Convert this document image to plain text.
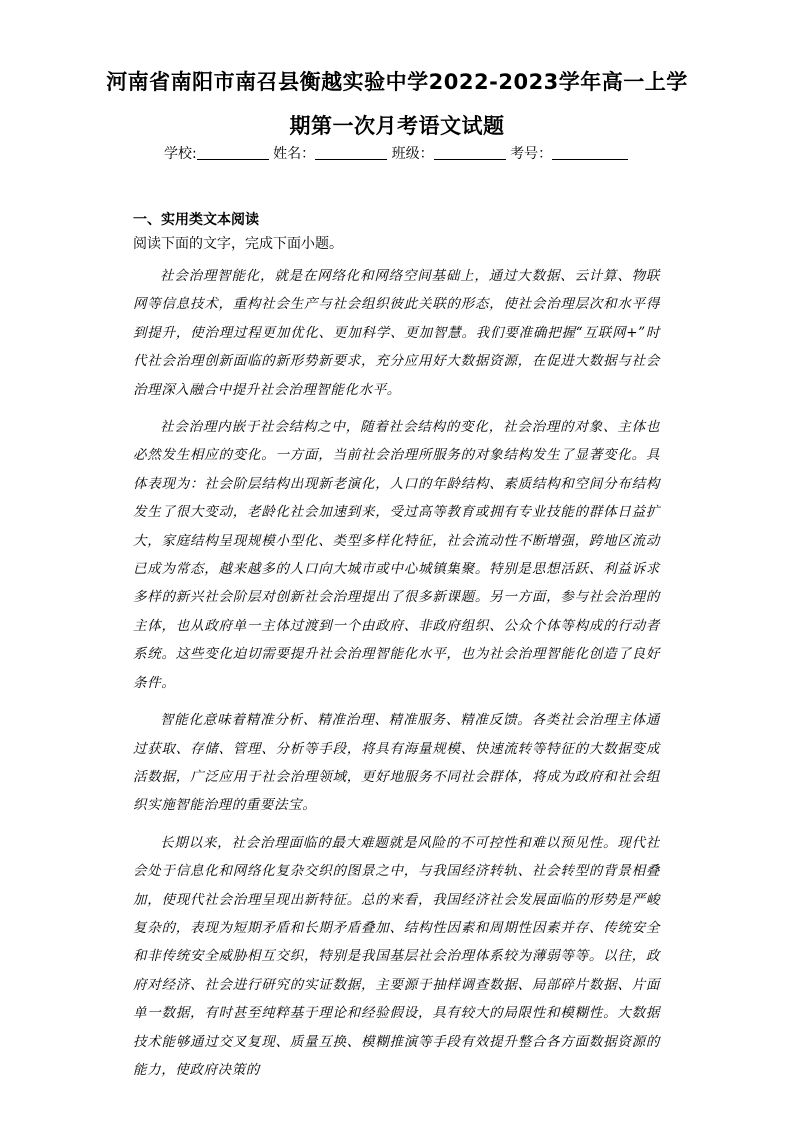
河南省南阳市南召县衡越实验中学2022-2023学年高一上学
期第一次月考语文试题
学校:	姓名：	班级：	考号：
一、实用类文本阅读
阅读下面的文字，完成下面小题。

社会治理智能化，就是在网络化和网络空间基础上，通过大数据、云计算、物联网等信息技术，重构社会生产与社会组织彼此关联的形态，使社会治理层次和水平得到提升，使治理过程更加优化、更加科学、更加智慧。我们要准确把握“互联网+”时代社会治理创新面临的新形势新要求，充分应用好大数据资源，在促进大数据与社会治理深入融合中提升社会治理智能化水平。

社会治理内嵌于社会结构之中，随着社会结构的变化，社会治理的对象、主体也必然发生相应的变化。一方面，当前社会治理所服务的对象结构发生了显著变化。具体表现为：社会阶层结构出现新老演化，人口的年龄结构、素质结构和空间分布结构发生了很大变动，老龄化社会加速到来，受过高等教育或拥有专业技能的群体日益扩大，家庭结构呈现规模小型化、类型多样化特征，社会流动性不断增强，跨地区流动已成为常态，越来越多的人口向大城市或中心城镇集聚。特别是思想活跃、利益诉求多样的新兴社会阶层对创新社会治理提出了很多新课题。另一方面，参与社会治理的主体，也从政府单一主体过渡到一个由政府、非政府组织、公众个体等构成的行动者系统。这些变化迫切需要提升社会治理智能化水平，也为社会治理智能化创造了良好条件。

智能化意味着精准分析、精准治理、精准服务、精准反馈。各类社会治理主体通过获取、存储、管理、分析等手段，将具有海量规模、快速流转等特征的大数据变成活数据，广泛应用于社会治理领域，更好地服务不同社会群体，将成为政府和社会组织实施智能治理的重要法宝。

长期以来，社会治理面临的最大难题就是风险的不可控性和难以预见性。现代社会处于信息化和网络化复杂交织的图景之中，与我国经济转轨、社会转型的背景相叠加，使现代社会治理呈现出新特征。总的来看，我国经济社会发展面临的形势是严峻复杂的，表现为短期矛盾和长期矛盾叠加、结构性因素和周期性因素并存、传统安全和非传统安全威胁相互交织，特别是我国基层社会治理体系较为薄弱等等。以往，政府对经济、社会进行研究的实证数据，主要源于抽样调查数据、局部碎片数据、片面单一数据，有时甚至纯粹基于理论和经验假设，具有较大的局限性和模糊性。大数据技术能够通过交叉复现、质量互换、模糊推演等手段有效提升整合各方面数据资源的能力，使政府决策的
